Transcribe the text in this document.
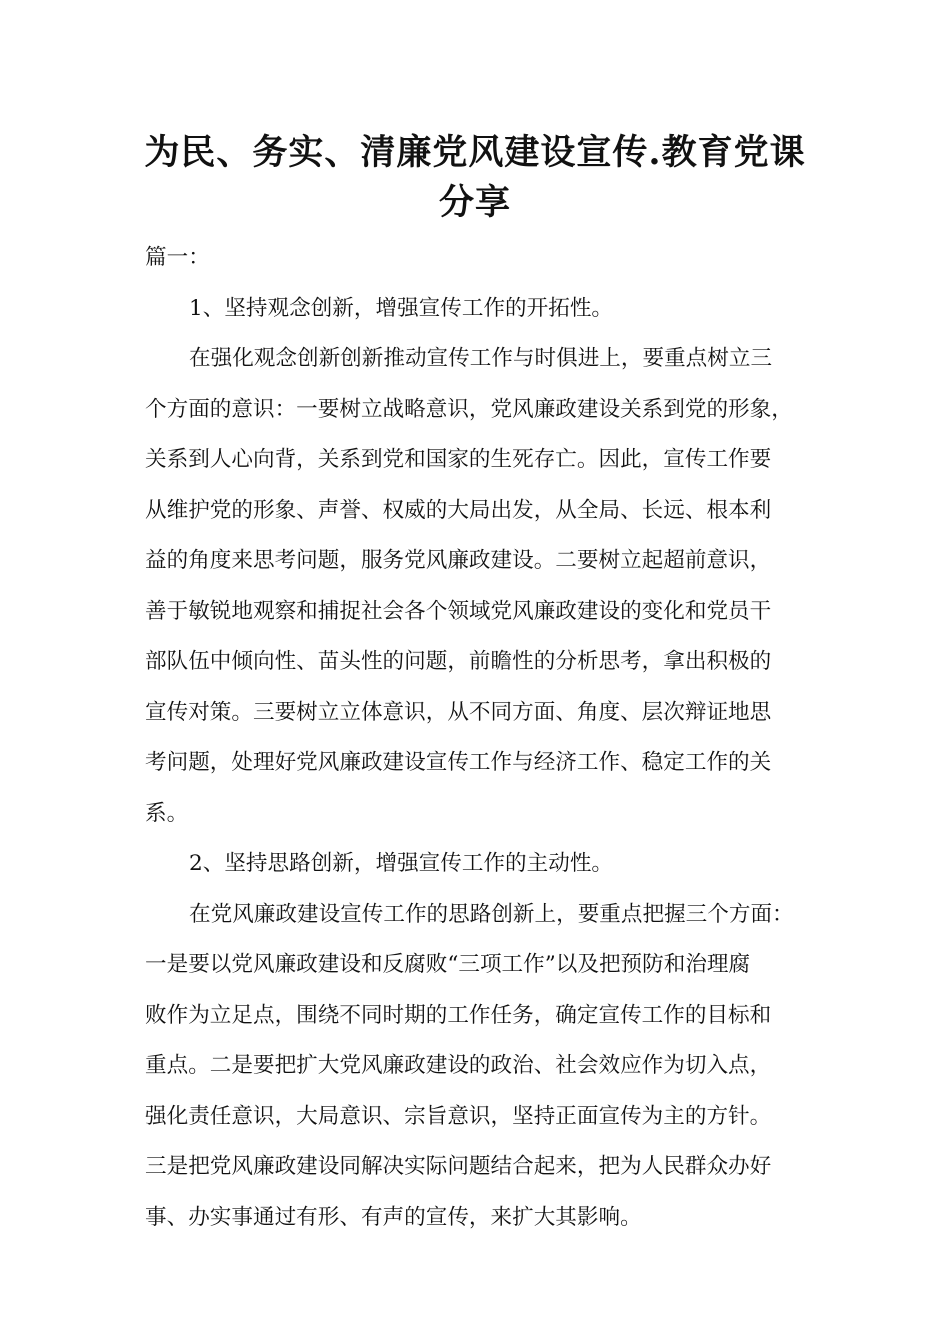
为民、务实、清廉党风建设宣传.教育党课
分享
篇一：
1、坚持观念创新，增强宣传工作的开拓性。
在强化观念创新创新推动宣传工作与时俱进上，要重点树立三
个方面的意识：一要树立战略意识，党风廉政建设关系到党的形象，
关系到人心向背，关系到党和国家的生死存亡。因此，宣传工作要
从维护党的形象、声誉、权威的大局出发，从全局、长远、根本利
益的角度来思考问题，服务党风廉政建设。二要树立起超前意识，
善于敏锐地观察和捕捉社会各个领域党风廉政建设的变化和党员干
部队伍中倾向性、苗头性的问题，前瞻性的分析思考，拿出积极的
宣传对策。三要树立立体意识，从不同方面、角度、层次辩证地思
考问题，处理好党风廉政建设宣传工作与经济工作、稳定工作的关
系。
2、坚持思路创新，增强宣传工作的主动性。
在党风廉政建设宣传工作的思路创新上，要重点把握三个方面：
一是要以党风廉政建设和反腐败“三项工作”以及把预防和治理腐
败作为立足点，围绕不同时期的工作任务，确定宣传工作的目标和
重点。二是要把扩大党风廉政建设的政治、社会效应作为切入点，
强化责任意识，大局意识、宗旨意识，坚持正面宣传为主的方针。
三是把党风廉政建设同解决实际问题结合起来，把为人民群众办好
事、办实事通过有形、有声的宣传，来扩大其影响。
